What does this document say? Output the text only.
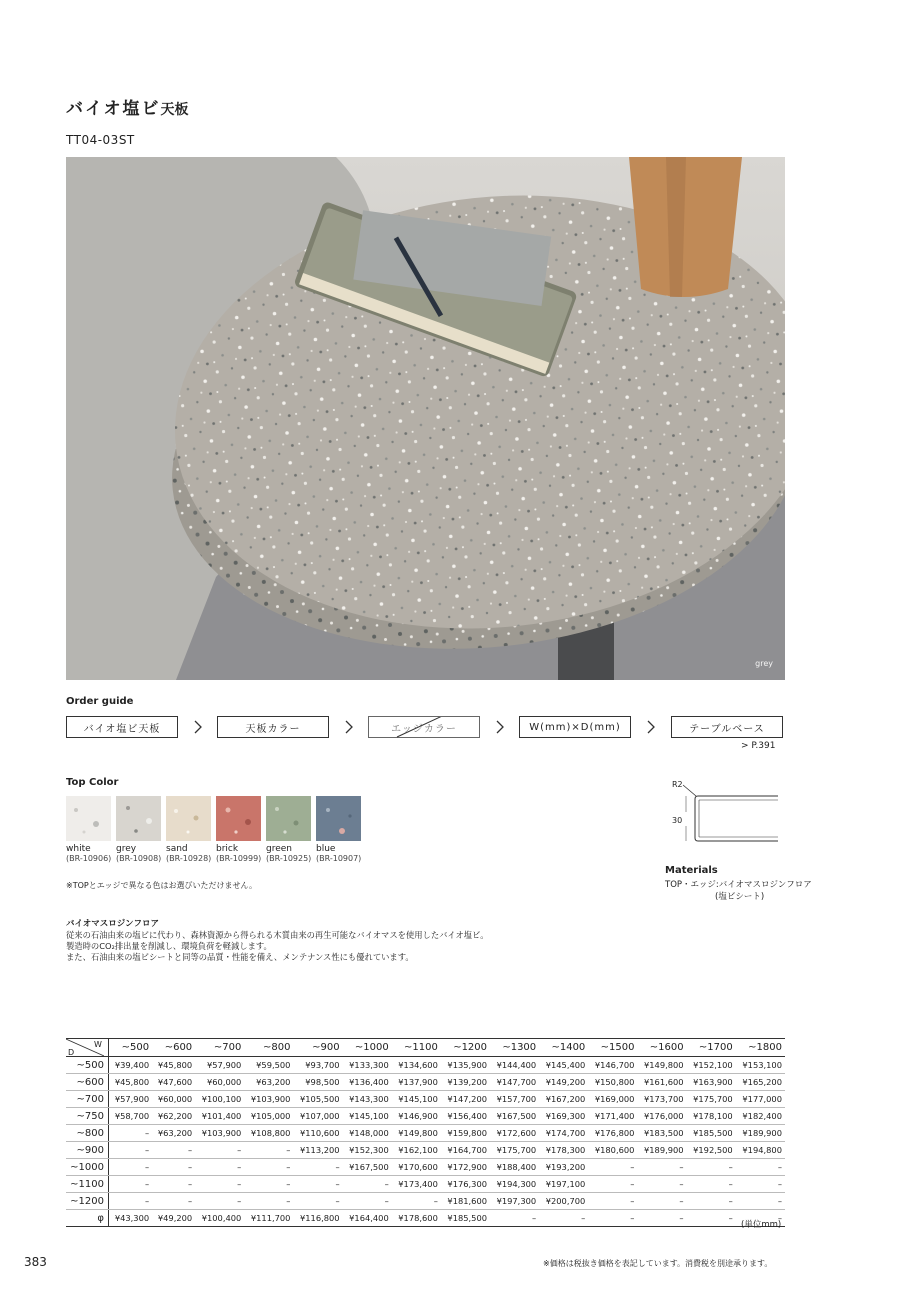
バイオ塩ビ天板
TT04-03ST
grey
Order guide
バイオ塩ビ天板	天板カラー	エッジカラー	W(mm)×D(mm)	テーブルベース
> P.391
Top Color
white
(BR-10906)
grey
(BR-10908)
sand
(BR-10928)
brick
(BR-10999)
green
(BR-10925)
blue
(BR-10907)
※TOPとエッジで異なる色はお選びいただけません。
R2
30
Materials
TOP・エッジ:バイオマスロジンフロア
(塩ビシート)
バイオマスロジンフロア
従来の石油由来の塩ビに代わり、森林資源から得られる木質由来の再生可能なバイオマスを使用したバイオ塩ビ。
製造時のCO₂排出量を削減し、環境負荷を軽減します。
また、石油由来の塩ビシートと同等の品質・性能を備え、メンテナンス性にも優れています。
W
D	~500	~600	~700	~800	~900	~1000	~1100	~1200	~1300	~1400	~1500	~1600	~1700	~1800
~500	¥39,400	¥45,800	¥57,900	¥59,500	¥93,700	¥133,300	¥134,600	¥135,900	¥144,400	¥145,400	¥146,700	¥149,800	¥152,100	¥153,100
~600	¥45,800	¥47,600	¥60,000	¥63,200	¥98,500	¥136,400	¥137,900	¥139,200	¥147,700	¥149,200	¥150,800	¥161,600	¥163,900	¥165,200
~700	¥57,900	¥60,000	¥100,100	¥103,900	¥105,500	¥143,300	¥145,100	¥147,200	¥157,700	¥167,200	¥169,000	¥173,700	¥175,700	¥177,000
~750	¥58,700	¥62,200	¥101,400	¥105,000	¥107,000	¥145,100	¥146,900	¥156,400	¥167,500	¥169,300	¥171,400	¥176,000	¥178,100	¥182,400
~800	–	¥63,200	¥103,900	¥108,800	¥110,600	¥148,000	¥149,800	¥159,800	¥172,600	¥174,700	¥176,800	¥183,500	¥185,500	¥189,900
~900	–	–	–	–	¥113,200	¥152,300	¥162,100	¥164,700	¥175,700	¥178,300	¥180,600	¥189,900	¥192,500	¥194,800
~1000	–	–	–	–	–	¥167,500	¥170,600	¥172,900	¥188,400	¥193,200	–	–	–	–
~1100	–	–	–	–	–	–	¥173,400	¥176,300	¥194,300	¥197,100	–	–	–	–
~1200	–	–	–	–	–	–	–	¥181,600	¥197,300	¥200,700	–	–	–	–
φ	¥43,300	¥49,200	¥100,400	¥111,700	¥116,800	¥164,400	¥178,600	¥185,500	–	–	–	–	–	–
(単位mm)
383	※価格は税抜き価格を表記しています。消費税を別途承ります。
